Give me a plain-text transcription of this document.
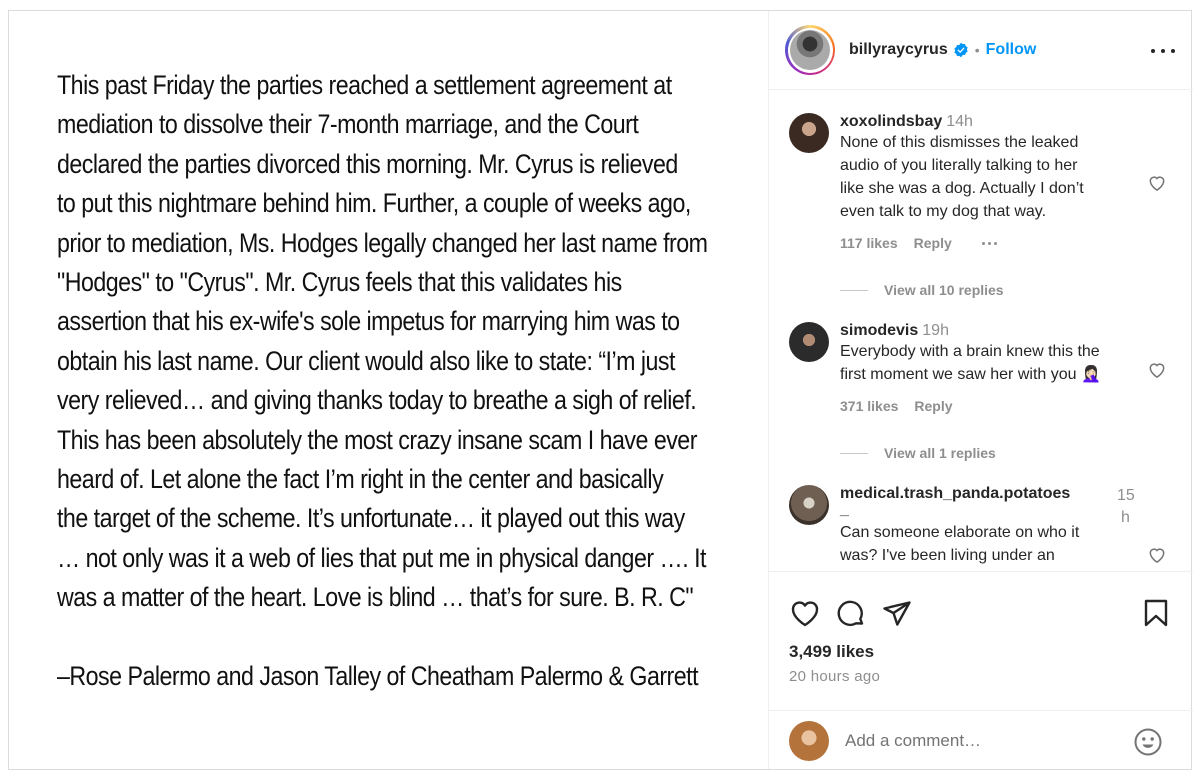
This past Friday the parties reached a settlement agreement at
mediation to dissolve their 7-month marriage, and the Court
declared the parties divorced this morning. Mr. Cyrus is relieved
to put this nightmare behind him. Further, a couple of weeks ago,
prior to mediation, Ms. Hodges legally changed her last name from
"Hodges" to "Cyrus". Mr. Cyrus feels that this validates his
assertion that his ex-wife's sole impetus for marrying him was to
obtain his last name. Our client would also like to state: “I’m just
very relieved… and giving thanks today to breathe a sigh of relief.
This has been absolutely the most crazy insane scam I have ever
heard of. Let alone the fact I’m right in the center and basically
the target of the scheme. It’s unfortunate… it played out this way
… not only was it a web of lies that put me in physical danger …. It
was a matter of the heart. Love is blind … that’s for sure. B. R. C"
–Rose Palermo and Jason Talley of Cheatham Palermo & Garrett
billyraycyrus • Follow
xoxolindsbay 14h
None of this dismisses the leaked
audio of you literally talking to her
like she was a dog. Actually I don’t
even talk to my dog that way.
117 likes Reply
View all 10 replies
simodevis 19h
Everybody with a brain knew this the
first moment we saw her with you 🤦🏻‍♀️
371 likes Reply
View all 1 replies
medical.trash_panda.potatoes	15
h
_
Can someone elaborate on who it
was? I've been living under an
3,499 likes
20 hours ago
Add a comment…
